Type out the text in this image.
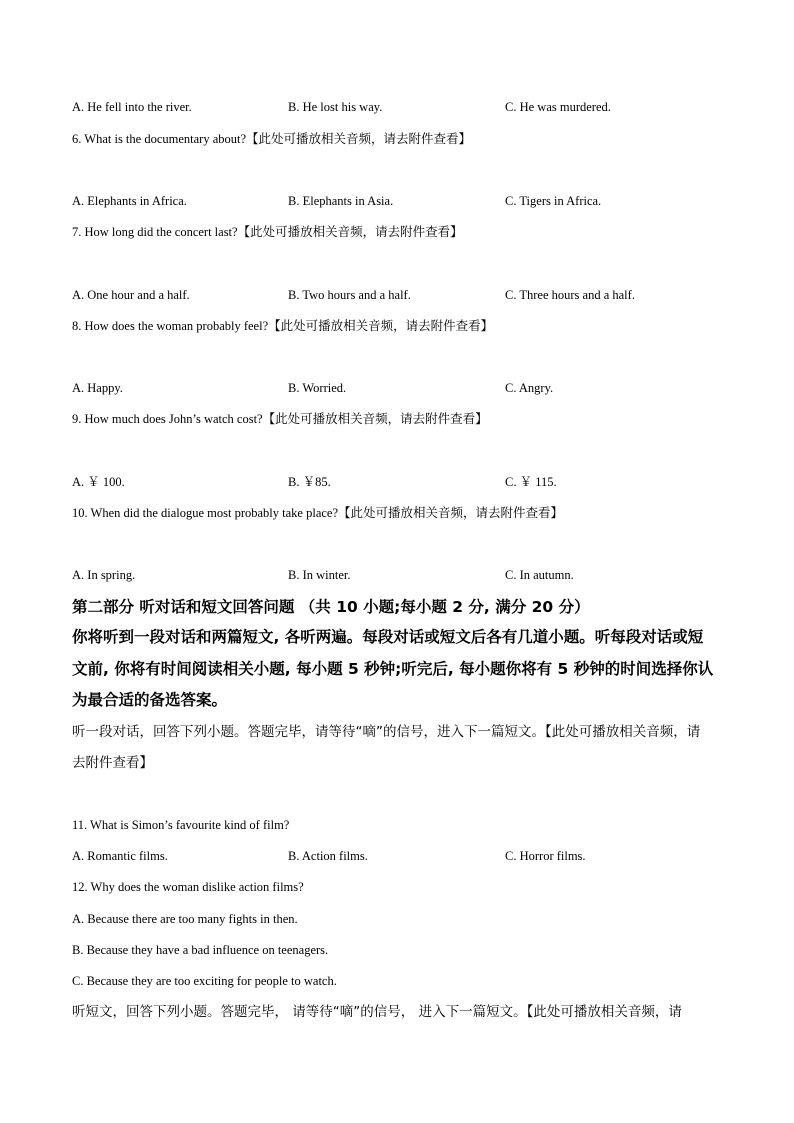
A. He fell into the river.	B. He lost his way.	C. He was murdered.
6. What is the documentary about?【此处可播放相关音频，请去附件查看】
A. Elephants in Africa.	B. Elephants in Asia.	C. Tigers in Africa.
7. How long did the concert last?【此处可播放相关音频，请去附件查看】
A. One hour and a half.	B. Two hours and a half.	C. Three hours and a half.
8. How does the woman probably feel?【此处可播放相关音频，请去附件查看】
A. Happy.	B. Worried.	C. Angry.
9. How much does John’s watch cost?【此处可播放相关音频，请去附件查看】
A. ￥ 100.	B. ￥85.	C. ￥ 115.
10. When did the dialogue most probably take place?【此处可播放相关音频，请去附件查看】
A. In spring.	B. In winter.	C. In autumn.
第二部分 听对话和短文回答问题 （共 10 小题;每小题 2 分, 满分 20 分）
你将听到一段对话和两篇短文, 各听两遍。每段对话或短文后各有几道小题。听每段对话或短
文前, 你将有时间阅读相关小题, 每小题 5 秒钟;听完后, 每小题你将有 5 秒钟的时间选择你认
为最合适的备选答案。
听一段对话，回答下列小题。答题完毕，请等待“嘀”的信号，进入下一篇短文。【此处可播放相关音频，请
去附件查看】
11. What is Simon’s favourite kind of film?
A. Romantic films.	B. Action films.	C. Horror films.
12. Why does the woman dislike action films?
A. Because there are too many fights in then.
B. Because they have a bad influence on teenagers.
C. Because they are too exciting for people to watch.
听短文，回答下列小题。答题完毕， 请等待“嘀”的信号， 进入下一篇短文。【此处可播放相关音频，请
